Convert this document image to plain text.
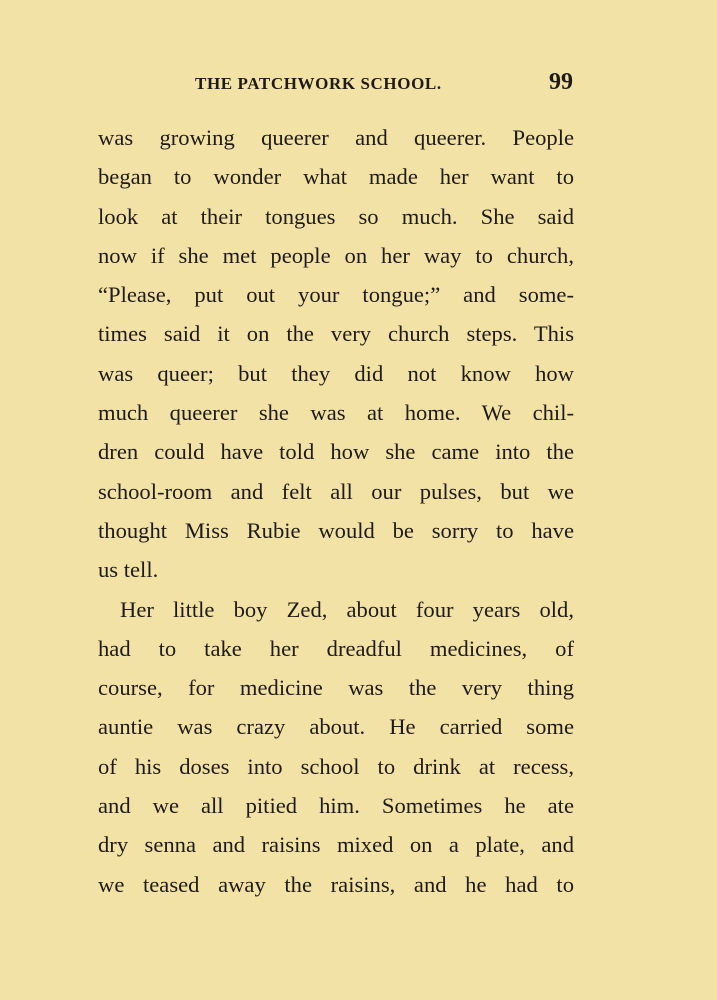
THE PATCHWORK SCHOOL.	99
was growing queerer and queerer. People
began to wonder what made her want to
look at their tongues so much. She said
now if she met people on her way to church,
“Please, put out your tongue;” and some-
times said it on the very church steps. This
was queer; but they did not know how
much queerer she was at home. We chil-
dren could have told how she came into the
school-room and felt all our pulses, but we
thought Miss Rubie would be sorry to have
us tell.
Her little boy Zed, about four years old,
had to take her dreadful medicines, of
course, for medicine was the very thing
auntie was crazy about. He carried some
of his doses into school to drink at recess,
and we all pitied him. Sometimes he ate
dry senna and raisins mixed on a plate, and
we teased away the raisins, and he had to
